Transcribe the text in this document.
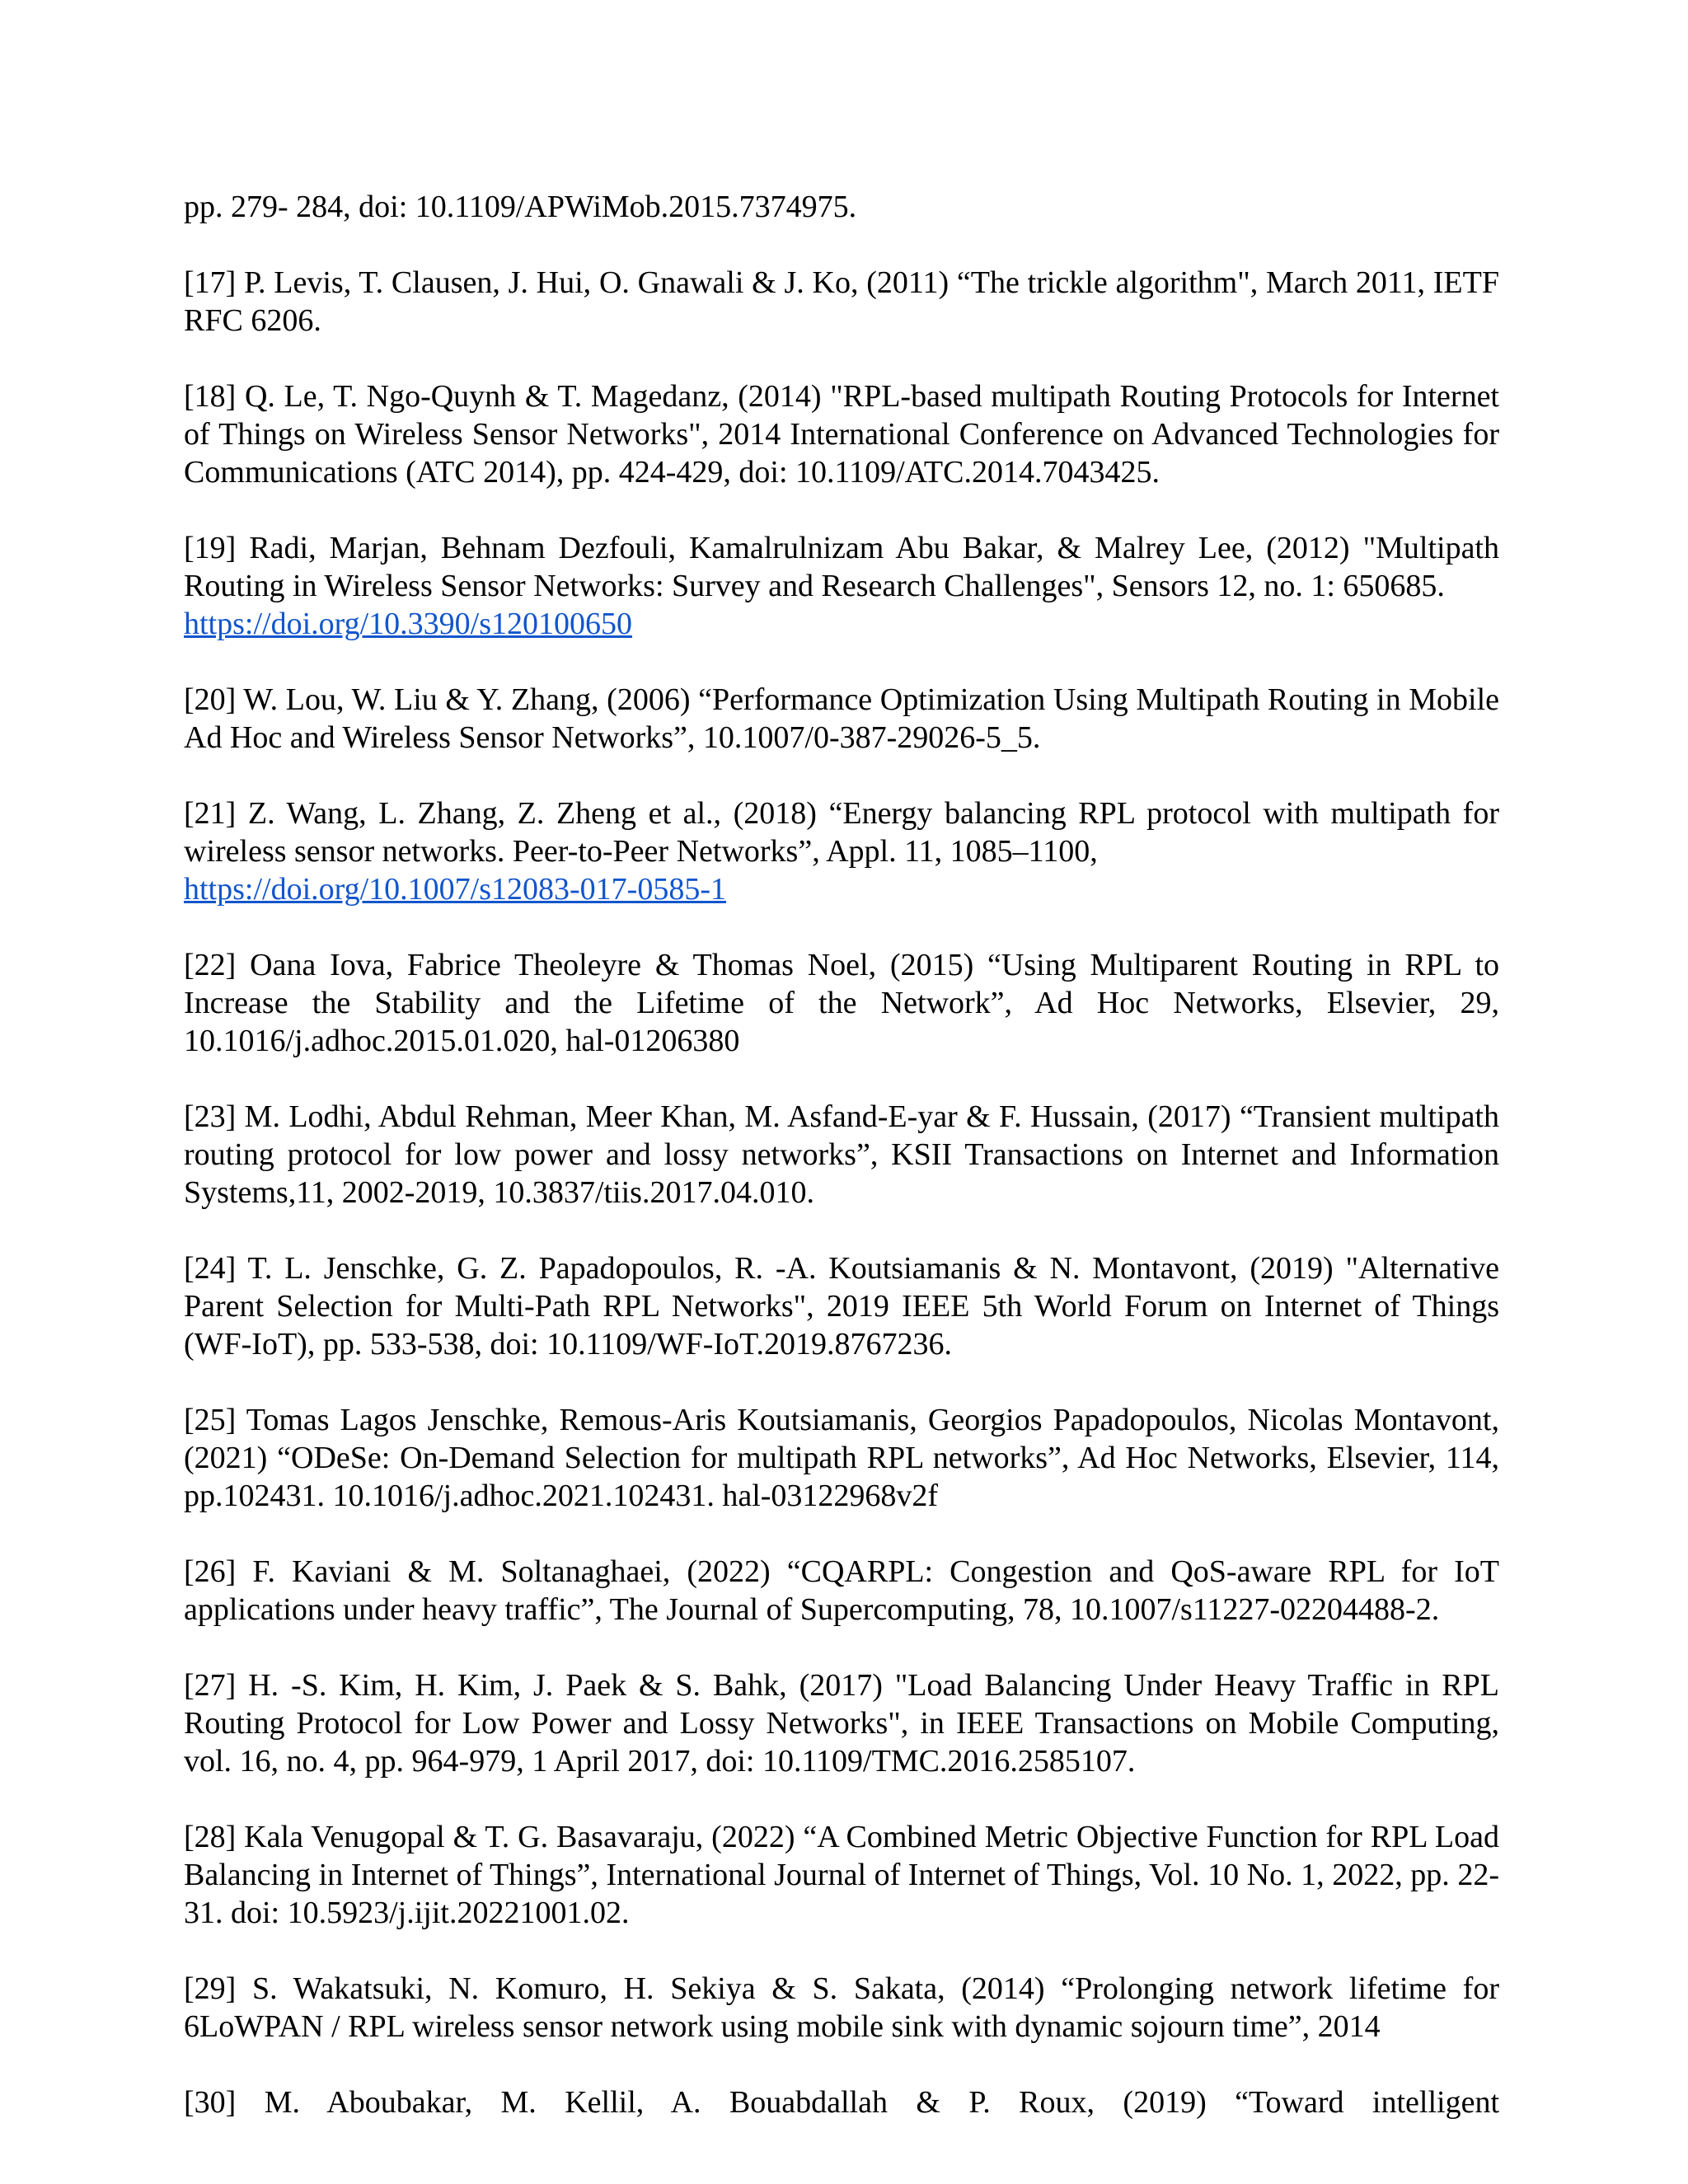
pp. 279- 284, doi: 10.1109/APWiMob.2015.7374975.

[17] P. Levis, T. Clausen, J. Hui, O. Gnawali & J. Ko, (2011) “The trickle algorithm", March 2011, IETF RFC 6206.

[18] Q. Le, T. Ngo-Quynh & T. Magedanz, (2014) "RPL-based multipath Routing Protocols for Internet of Things on Wireless Sensor Networks", 2014 International Conference on Advanced Technologies for Communications (ATC 2014), pp. 424-429, doi: 10.1109/ATC.2014.7043425.

[19] Radi, Marjan, Behnam Dezfouli, Kamalrulnizam Abu Bakar, & Malrey Lee, (2012) "Multipath Routing in Wireless Sensor Networks: Survey and Research Challenges", Sensors 12, no. 1: 650685.
https://doi.org/10.3390/s120100650

[20] W. Lou, W. Liu & Y. Zhang, (2006) “Performance Optimization Using Multipath Routing in Mobile Ad Hoc and Wireless Sensor Networks”, 10.1007/0-387-29026-5_5.

[21] Z. Wang, L. Zhang, Z. Zheng et al., (2018) “Energy balancing RPL protocol with multipath for wireless sensor networks. Peer-to-Peer Networks”, Appl. 11, 1085–1100,
https://doi.org/10.1007/s12083-017-0585-1

[22] Oana Iova, Fabrice Theoleyre & Thomas Noel, (2015) “Using Multiparent Routing in RPL to Increase the Stability and the Lifetime of the Network”, Ad Hoc Networks, Elsevier, 29, 10.1016/j.adhoc.2015.01.020, hal-01206380

[23] M. Lodhi, Abdul Rehman, Meer Khan, M. Asfand-E-yar & F. Hussain, (2017) “Transient multipath routing protocol for low power and lossy networks”, KSII Transactions on Internet and Information Systems,11, 2002-2019, 10.3837/tiis.2017.04.010.

[24] T. L. Jenschke, G. Z. Papadopoulos, R. -A. Koutsiamanis & N. Montavont, (2019) "Alternative Parent Selection for Multi-Path RPL Networks", 2019 IEEE 5th World Forum on Internet of Things (WF-IoT), pp. 533-538, doi: 10.1109/WF-IoT.2019.8767236.

[25] Tomas Lagos Jenschke, Remous-Aris Koutsiamanis, Georgios Papadopoulos, Nicolas Montavont, (2021) “ODeSe: On-Demand Selection for multipath RPL networks”, Ad Hoc Networks, Elsevier, 114, pp.102431. 10.1016/j.adhoc.2021.102431. hal-03122968v2f

[26] F. Kaviani & M. Soltanaghaei, (2022) “CQARPL: Congestion and QoS-aware RPL for IoT applications under heavy traffic”, The Journal of Supercomputing, 78, 10.1007/s11227-02204488-2.

[27] H. -S. Kim, H. Kim, J. Paek & S. Bahk, (2017) "Load Balancing Under Heavy Traffic in RPL Routing Protocol for Low Power and Lossy Networks", in IEEE Transactions on Mobile Computing, vol. 16, no. 4, pp. 964-979, 1 April 2017, doi: 10.1109/TMC.2016.2585107.

[28] Kala Venugopal & T. G. Basavaraju, (2022) “A Combined Metric Objective Function for RPL Load Balancing in Internet of Things”, International Journal of Internet of Things, Vol. 10 No. 1, 2022, pp. 22-31. doi: 10.5923/j.ijit.20221001.02.

[29] S. Wakatsuki, N. Komuro, H. Sekiya & S. Sakata, (2014) “Prolonging network lifetime for 6LoWPAN / RPL wireless sensor network using mobile sink with dynamic sojourn time”, 2014

[30] M. Aboubakar, M. Kellil, A. Bouabdallah & P. Roux, (2019) “Toward intelligent
